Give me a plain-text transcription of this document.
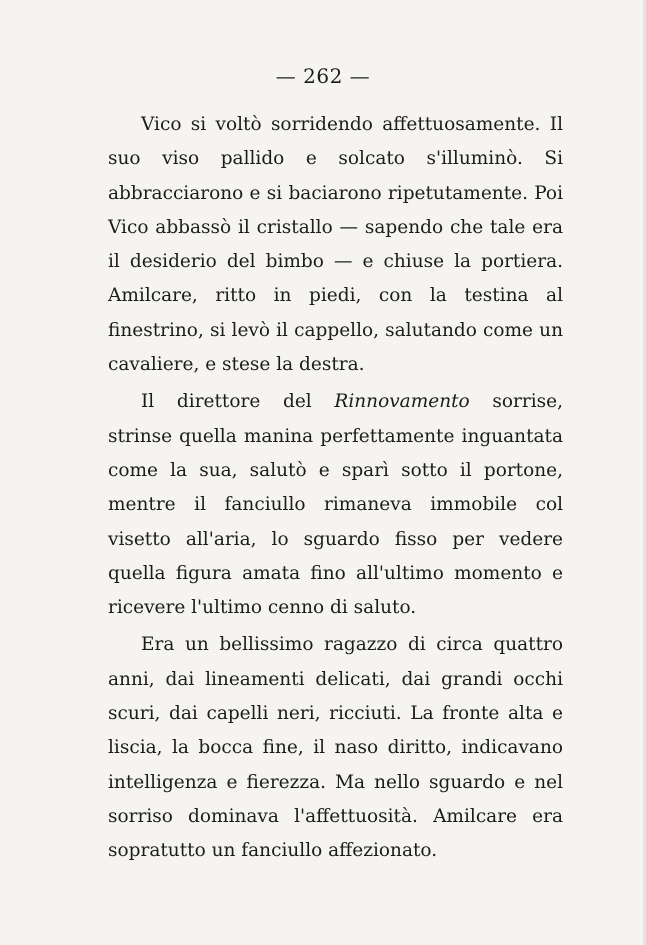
— 262 —

Vico si voltò sorridendo affettuosamente. Il suo viso pallido e solcato s'illuminò. Si abbracciarono e si baciarono ripetutamente. Poi Vico abbassò il cristallo — sapendo che tale era il desiderio del bimbo — e chiuse la portiera. Amilcare, ritto in piedi, con la testina al finestrino, si levò il cappello, salutando come un cavaliere, e stese la destra.

Il direttore del Rinnovamento sorrise, strinse quella manina perfettamente inguantata come la sua, salutò e sparì sotto il portone, mentre il fanciullo rimaneva immobile col visetto all'aria, lo sguardo fisso per vedere quella figura amata fino all'ultimo momento e ricevere l'ultimo cenno di saluto.

Era un bellissimo ragazzo di circa quattro anni, dai lineamenti delicati, dai grandi occhi scuri, dai capelli neri, ricciuti. La fronte alta e liscia, la bocca fine, il naso diritto, indicavano intelligenza e fierezza. Ma nello sguardo e nel sorriso dominava l'affettuosità. Amilcare era sopratutto un fanciullo affezionato.
